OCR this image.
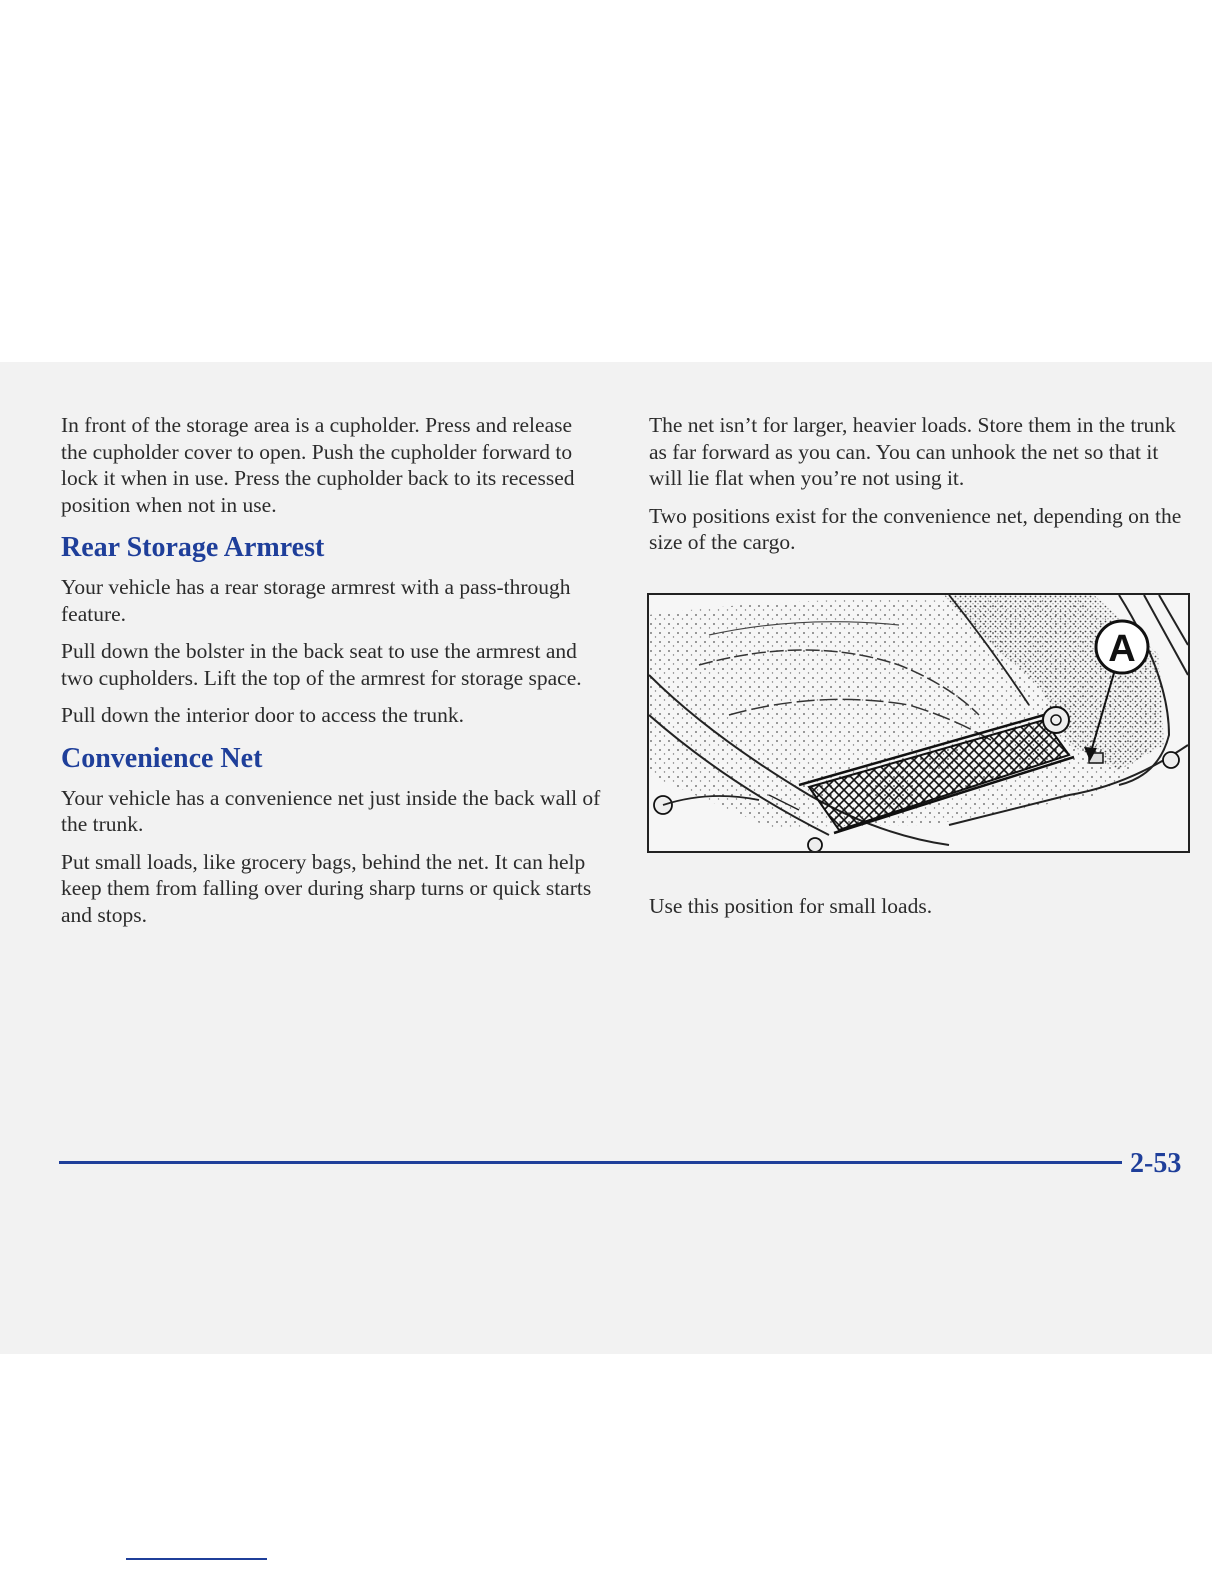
In front of the storage area is a cupholder. Press and release the cupholder cover to open. Push the cupholder forward to lock it when in use. Press the cupholder back to its recessed position when not in use.

Rear Storage Armrest

Your vehicle has a rear storage armrest with a pass-through feature.

Pull down the bolster in the back seat to use the armrest and two cupholders. Lift the top of the armrest for storage space.

Pull down the interior door to access the trunk.

Convenience Net

Your vehicle has a convenience net just inside the back wall of the trunk.

Put small loads, like grocery bags, behind the net. It can help keep them from falling over during sharp turns or quick starts and stops.

The net isn’t for larger, heavier loads. Store them in the trunk as far forward as you can. You can unhook the net so that it will lie flat when you’re not using it.

Two positions exist for the convenience net, depending on the size of the cargo.

A
Use this position for small loads.
2-53
